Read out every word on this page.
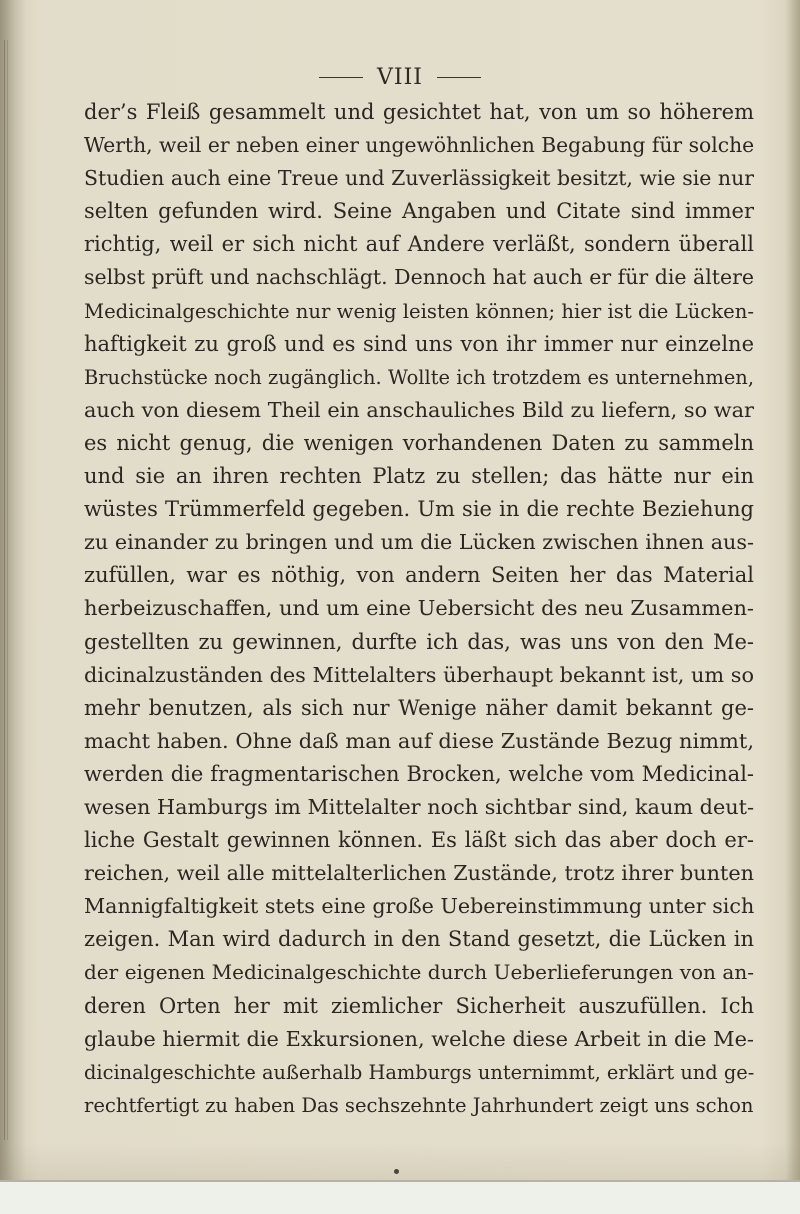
VIII
der’s Fleiß gesammelt und gesichtet hat, von um so höherem
Werth, weil er neben einer ungewöhnlichen Begabung für solche
Studien auch eine Treue und Zuverlässigkeit besitzt, wie sie nur
selten gefunden wird. Seine Angaben und Citate sind immer
richtig, weil er sich nicht auf Andere verläßt, sondern überall
selbst prüft und nachschlägt. Dennoch hat auch er für die ältere
Medicinalgeschichte nur wenig leisten können; hier ist die Lücken-
haftigkeit zu groß und es sind uns von ihr immer nur einzelne
Bruchstücke noch zugänglich. Wollte ich trotzdem es unternehmen,
auch von diesem Theil ein anschauliches Bild zu liefern, so war
es nicht genug, die wenigen vorhandenen Daten zu sammeln
und sie an ihren rechten Platz zu stellen; das hätte nur ein
wüstes Trümmerfeld gegeben. Um sie in die rechte Beziehung
zu einander zu bringen und um die Lücken zwischen ihnen aus-
zufüllen, war es nöthig, von andern Seiten her das Material
herbeizuschaffen, und um eine Uebersicht des neu Zusammen-
gestellten zu gewinnen, durfte ich das, was uns von den Me-
dicinalzuständen des Mittelalters überhaupt bekannt ist, um so
mehr benutzen, als sich nur Wenige näher damit bekannt ge-
macht haben. Ohne daß man auf diese Zustände Bezug nimmt,
werden die fragmentarischen Brocken, welche vom Medicinal-
wesen Hamburgs im Mittelalter noch sichtbar sind, kaum deut-
liche Gestalt gewinnen können. Es läßt sich das aber doch er-
reichen, weil alle mittelalterlichen Zustände, trotz ihrer bunten
Mannigfaltigkeit stets eine große Uebereinstimmung unter sich
zeigen. Man wird dadurch in den Stand gesetzt, die Lücken in
der eigenen Medicinalgeschichte durch Ueberlieferungen von an-
deren Orten her mit ziemlicher Sicherheit auszufüllen. Ich
glaube hiermit die Exkursionen, welche diese Arbeit in die Me-
dicinalgeschichte außerhalb Hamburgs unternimmt, erklärt und ge-
rechtfertigt zu haben Das sechszehnte Jahrhundert zeigt uns schon
